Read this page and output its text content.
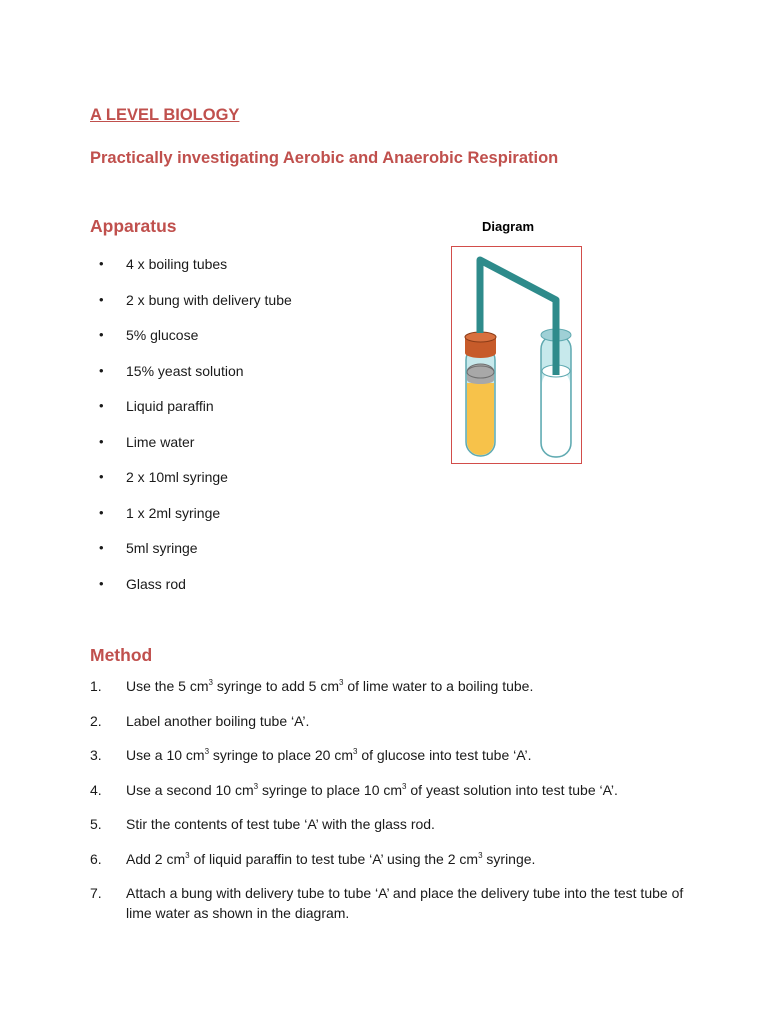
A LEVEL BIOLOGY
Practically investigating Aerobic and Anaerobic Respiration
Apparatus
• 4 x boiling tubes
• 2 x bung with delivery tube
• 5% glucose
• 15% yeast solution
• Liquid paraffin
• Lime water
• 2 x 10ml syringe
• 1 x 2ml syringe
• 5ml syringe
• Glass rod
Diagram
Method
1. Use the 5 $cm^3$ syringe to add 5 $cm^3$ of lime water to a boiling tube.
2. Label another boiling tube ‘A’.
3. Use a 10 $cm^3$ syringe to place 20 $cm^3$ of glucose into test tube ‘A’.
4. Use a second 10 $cm^3$ syringe to place 10 $cm^3$ of yeast solution into test tube ‘A’.
5. Stir the contents of test tube ‘A’ with the glass rod.
6. Add 2 $cm^3$ of liquid paraffin to test tube ‘A’ using the 2 $cm^3$ syringe.
7. Attach a bung with delivery tube to tube ‘A’ and place the delivery tube into the test tube of lime water as shown in the diagram.
